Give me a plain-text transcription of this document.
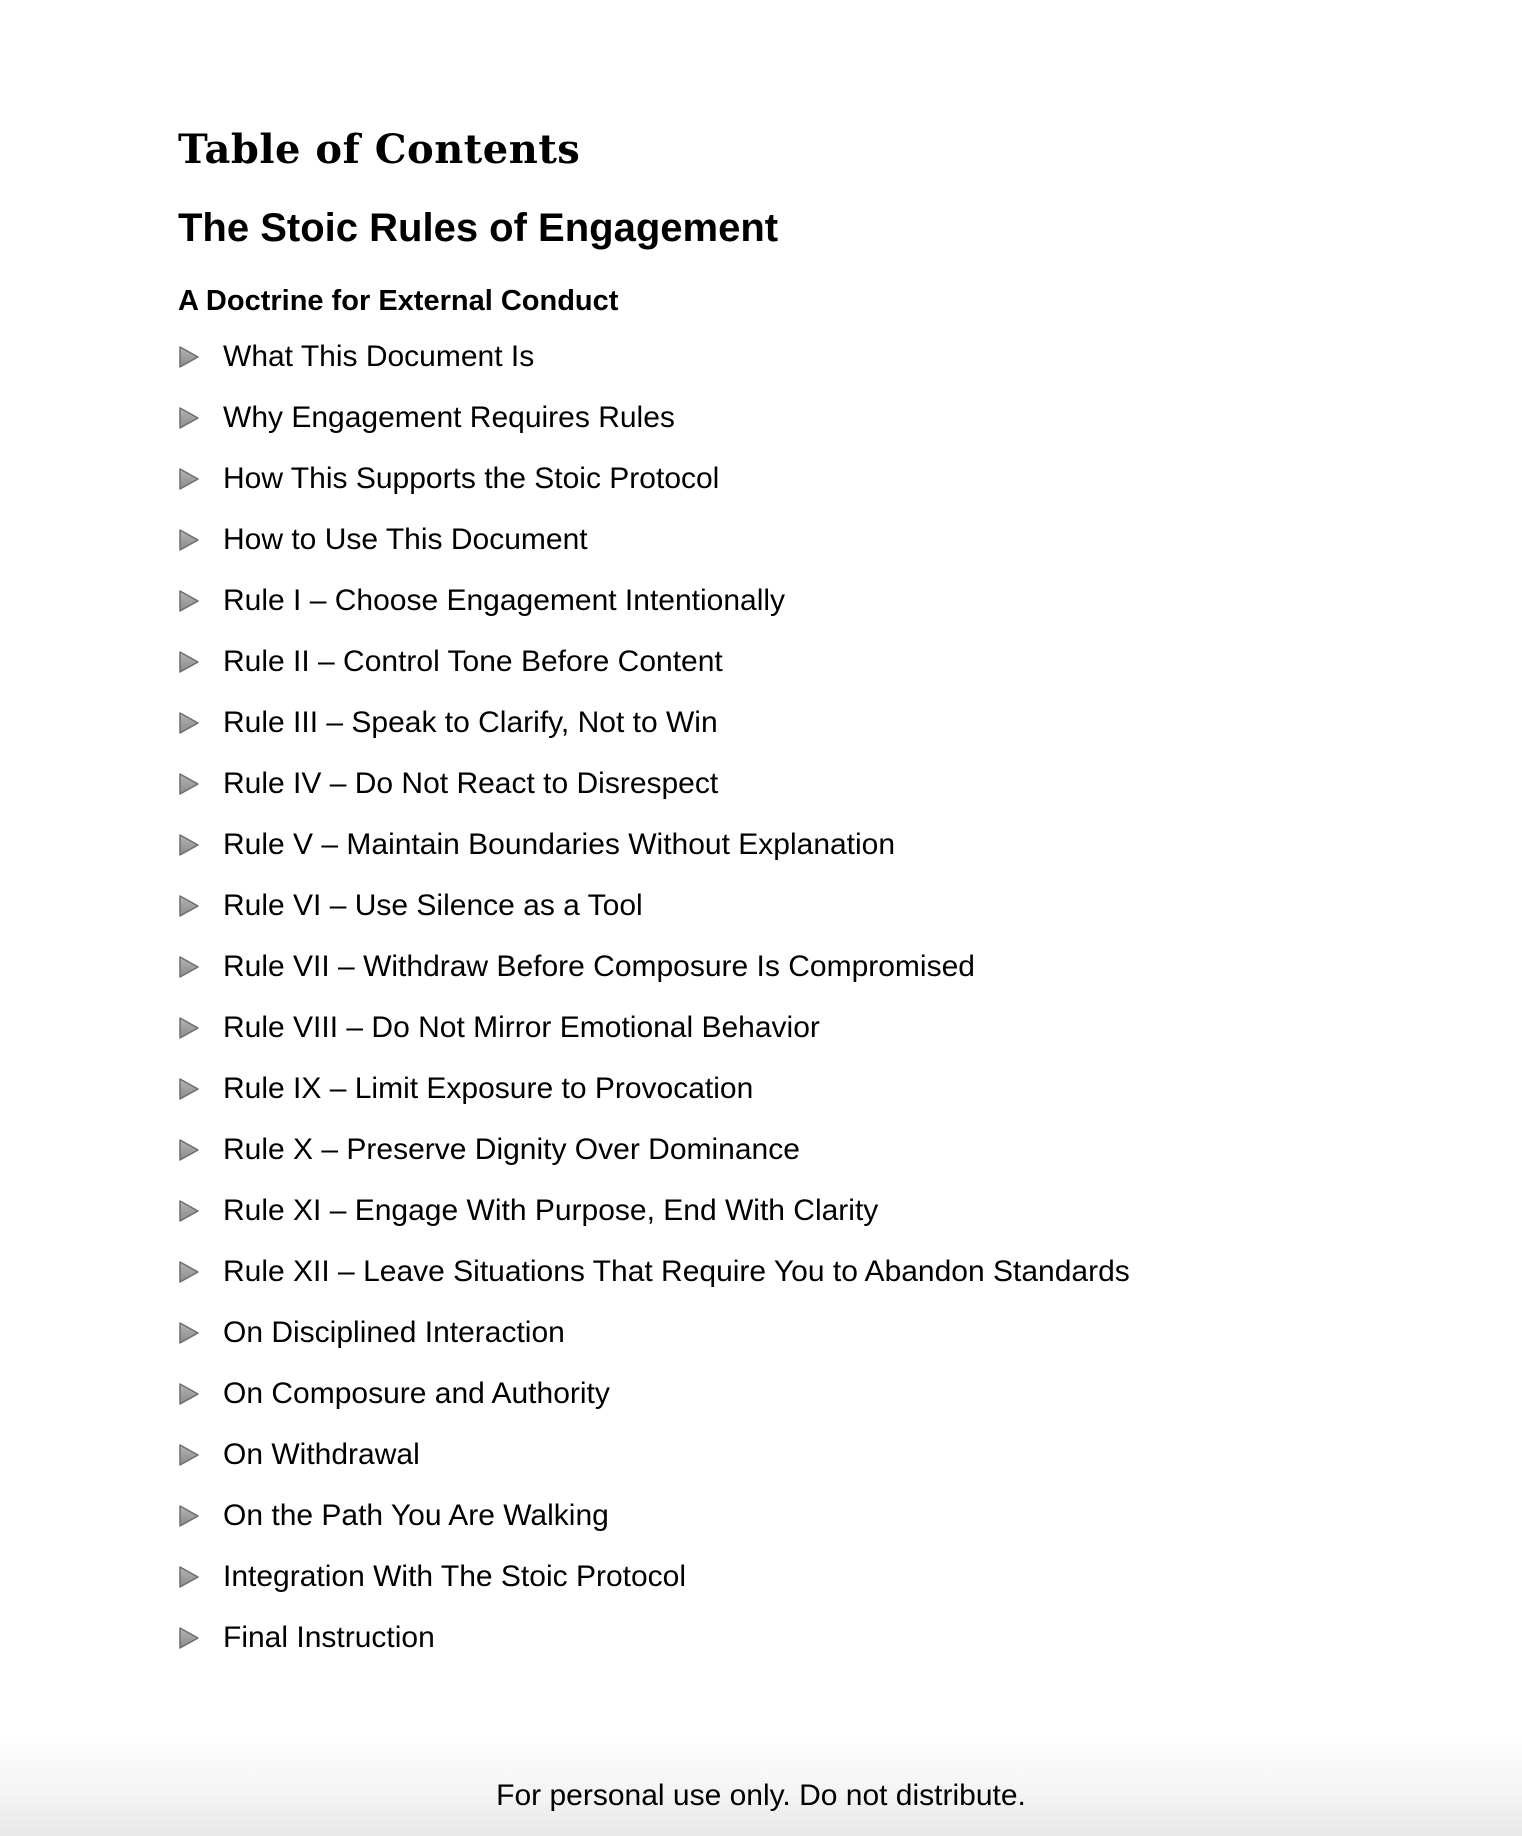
Table of Contents
The Stoic Rules of Engagement
A Doctrine for External Conduct
What This Document Is
Why Engagement Requires Rules
How This Supports the Stoic Protocol
How to Use This Document
Rule I – Choose Engagement Intentionally
Rule II – Control Tone Before Content
Rule III – Speak to Clarify, Not to Win
Rule IV – Do Not React to Disrespect
Rule V – Maintain Boundaries Without Explanation
Rule VI – Use Silence as a Tool
Rule VII – Withdraw Before Composure Is Compromised
Rule VIII – Do Not Mirror Emotional Behavior
Rule IX – Limit Exposure to Provocation
Rule X – Preserve Dignity Over Dominance
Rule XI – Engage With Purpose, End With Clarity
Rule XII – Leave Situations That Require You to Abandon Standards
On Disciplined Interaction
On Composure and Authority
On Withdrawal
On the Path You Are Walking
Integration With The Stoic Protocol
Final Instruction
For personal use only. Do not distribute.
